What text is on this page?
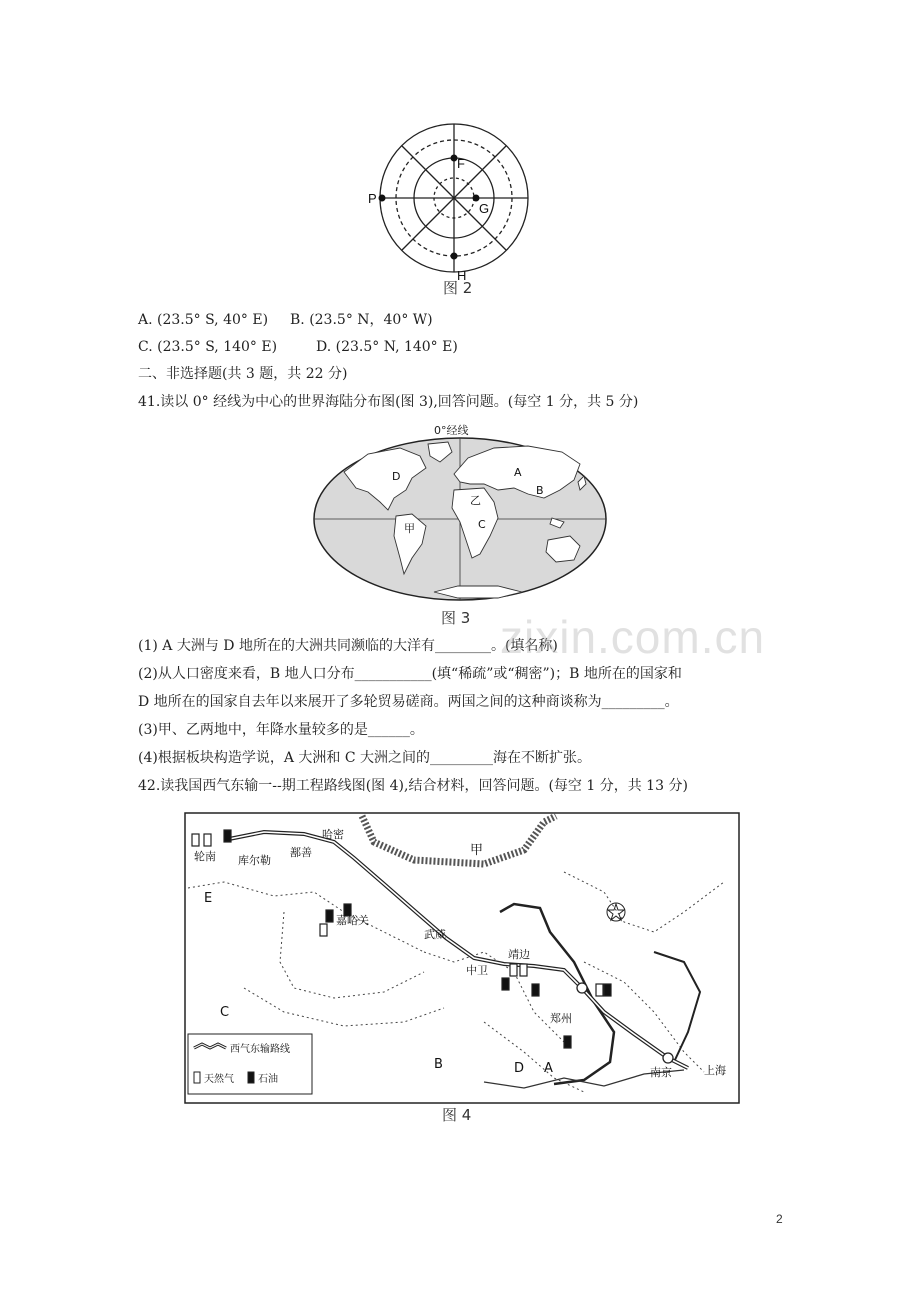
F
G
H
P
图 2
A. (23.5° S, 40° E) B. (23.5° N，40° W)
C. (23.5° S, 140° E)	D. (23.5° N, 140° E)
二、非选择题(共 3 题，共 22 分)
41.读以 0° 经线为中心的世界海陆分布图(图 3),回答问题。(每空 1 分，共 5 分)
0°经线
A
B
C
D
甲
乙
图 3
(1) A 大洲与 D 地所在的大洲共同濒临的大洋有________。(填名称)
(2)从人口密度来看，B 地人口分布___________(填“稀疏”或“稠密”)；B 地所在的国家和
D 地所在的国家自去年以来展开了多轮贸易磋商。两国之间的这种商谈称为_________。
(3)甲、乙两地中，年降水量较多的是______。
(4)根据板块构造学说，A 大洲和 C 大洲之间的_________海在不断扩张。
42.读我国西气东输一--期工程路线图(图 4),结合材料，回答问题。(每空 1 分，共 13 分)
轮南 库尔勒
鄯善
哈密
嘉峪关
武威
中卫
靖边
郑州
南京	上海
甲
A
B
C
D
E
西气东输路线
天然气 石油
图 4
zixin.com.cn
2
